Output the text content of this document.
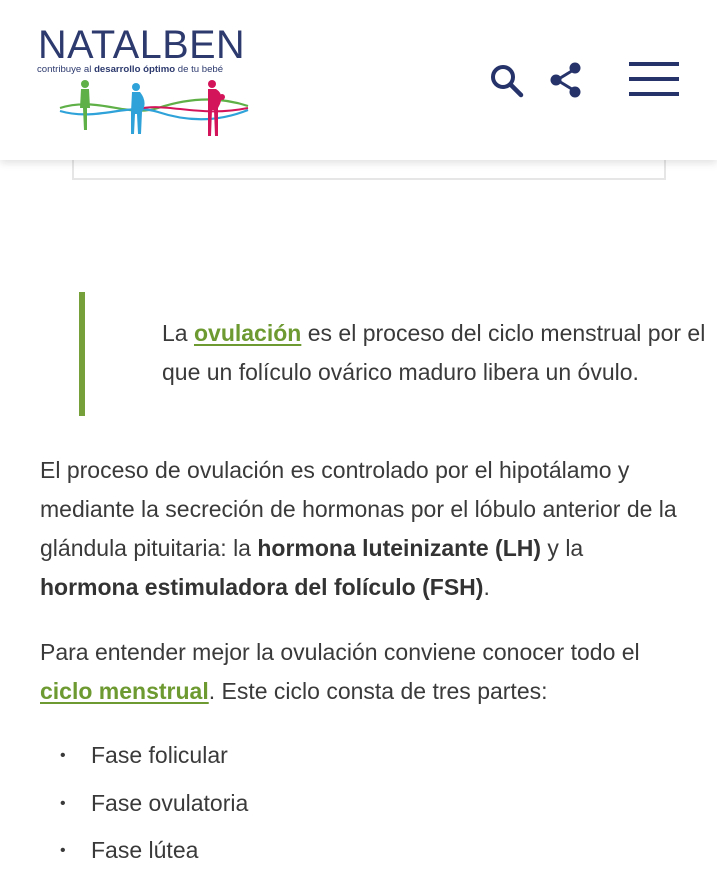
NATALBEN
contribuye al desarrollo óptimo de tu bebé

La ovulación es el proceso del ciclo menstrual por el que un folículo ovárico maduro libera un óvulo.

El proceso de ovulación es controlado por el hipotálamo y mediante la secreción de hormonas por el lóbulo anterior de la glándula pituitaria: la hormona luteinizante (LH) y la hormona estimuladora del folículo (FSH).

Para entender mejor la ovulación conviene conocer todo el ciclo menstrual. Este ciclo consta de tres partes:

• Fase folicular
• Fase ovulatoria
• Fase lútea
